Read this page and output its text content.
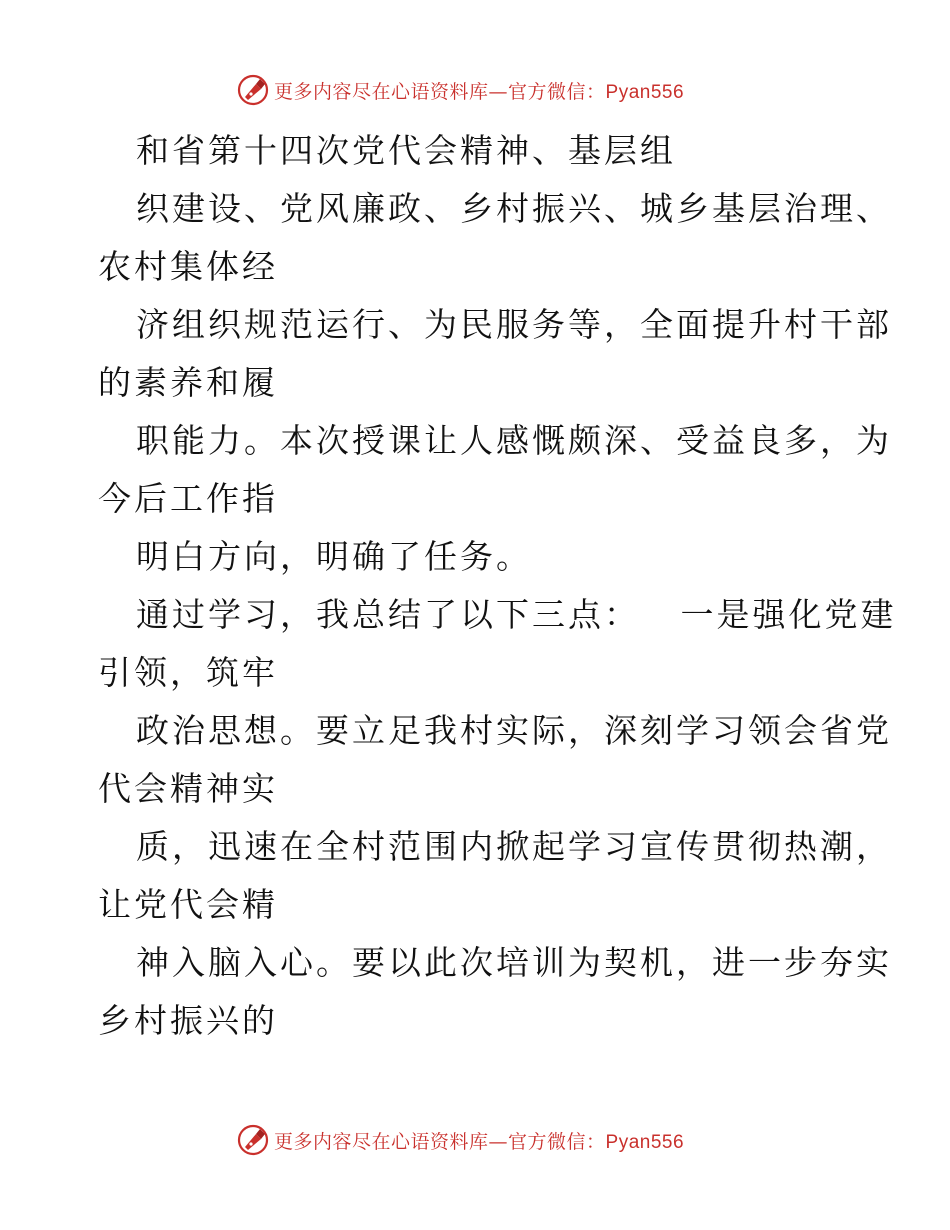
更多内容尽在心语资料库—官方微信：Pyan556
和省第十四次党代会精神、基层组
织建设、党风廉政、乡村振兴、城乡基层治理、
农村集体经
济组织规范运行、为民服务等，全面提升村干部
的素养和履
职能力。本次授课让人感慨颇深、受益良多，为
今后工作指
明白方向，明确了任务。
通过学习，我总结了以下三点：   一是强化党建
引领，筑牢
政治思想。要立足我村实际，深刻学习领会省党
代会精神实
质，迅速在全村范围内掀起学习宣传贯彻热潮，
让党代会精
神入脑入心。要以此次培训为契机，进一步夯实
乡村振兴的
更多内容尽在心语资料库—官方微信：Pyan556
